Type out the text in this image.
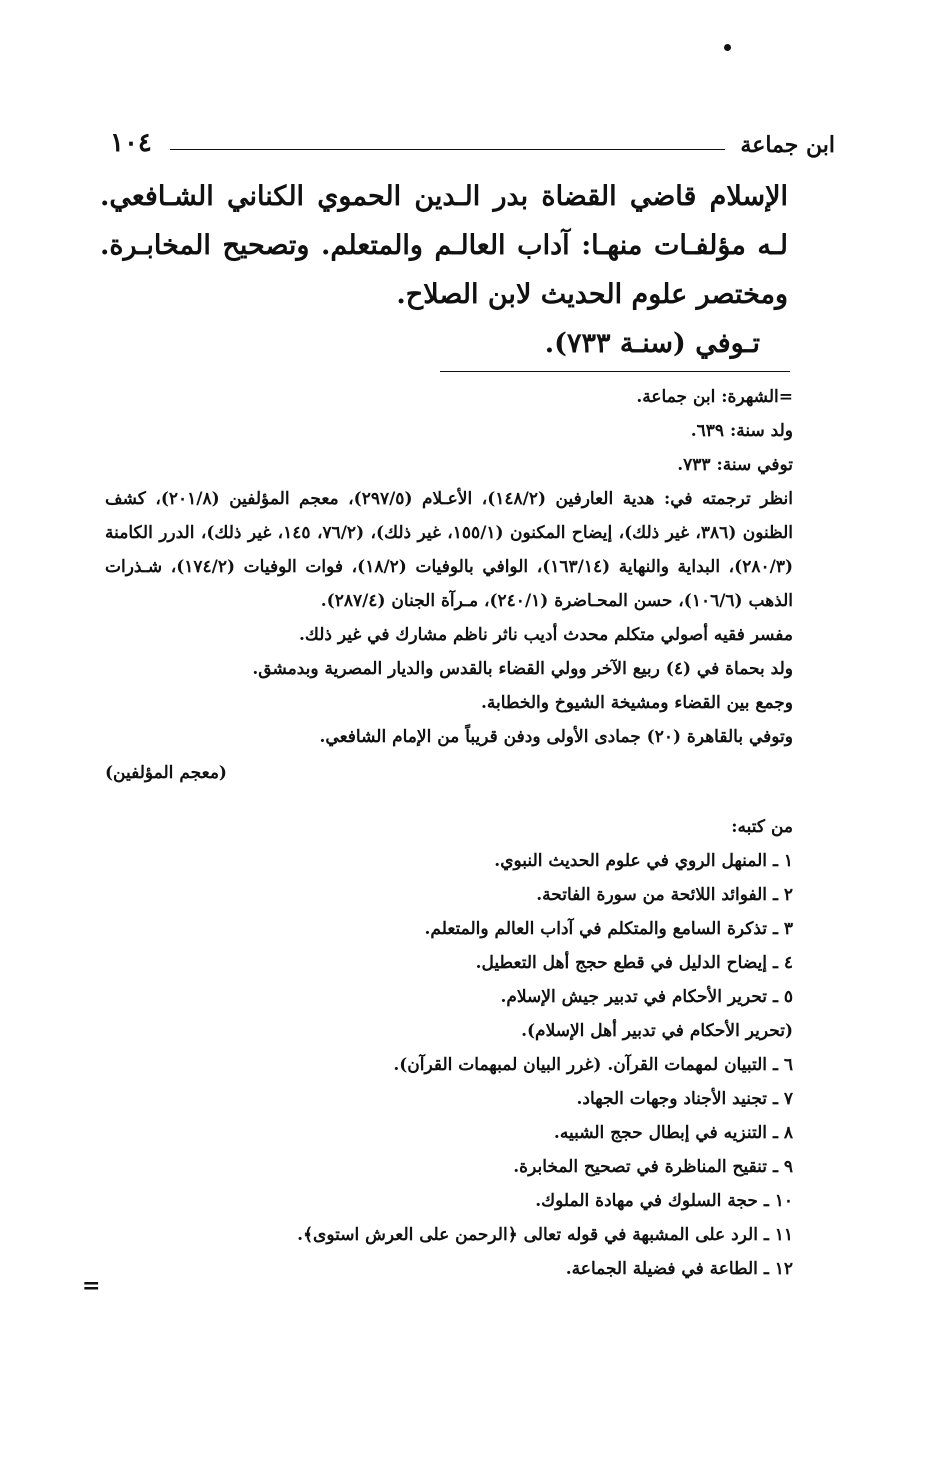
١٠٤	ابن جماعة

الإسلام قاضي القضاة بدر الـدين الحموي الكناني الشـافعي. لـه مؤلفـات منهـا: آداب العالـم والمتعلم. وتصحيح المخابـرة. ومختصر علوم الحديث لابن الصلاح.

تـوفي (سنـة ٧٣٣).

=الشهرة: ابن جماعة.

ولد سنة: ٦٣٩.

توفي سنة: ٧٣٣.

انظر ترجمته في: هدية العارفين (١٤٨/٢)، الأعـلام (٢٩٧/٥)، معجم المؤلفين (٢٠١/٨)، كشف الظنون (٣٨٦، غير ذلك)، إيضاح المكنون (١٥٥/١، غير ذلك)، (٧٦/٢، ١٤٥، غير ذلك)، الدرر الكامنة (٢٨٠/٣)، البداية والنهاية (١٦٣/١٤)، الوافي بالوفيات (١٨/٢)، فوات الوفيات (١٧٤/٢)، شـذرات الذهب (١٠٦/٦)، حسن المحـاضرة (٢٤٠/١)، مـرآة الجنان (٢٨٧/٤).

مفسر فقيه أصولي متكلم محدث أديب ناثر ناظم مشارك في غير ذلك.

ولد بحماة في (٤) ربيع الآخر وولي القضاء بالقدس والديار المصرية وبدمشق.

وجمع بين القضاء ومشيخة الشيوخ والخطابة.

وتوفي بالقاهرة (٢٠) جمادى الأولى ودفن قريباً من الإمام الشافعي.

(معجم المؤلفين)

من كتبه:

١ ـ المنهل الروي في علوم الحديث النبوي.

٢ ـ الفوائد اللائحة من سورة الفاتحة.

٣ ـ تذكرة السامع والمتكلم في آداب العالم والمتعلم.

٤ ـ إيضاح الدليل في قطع حجج أهل التعطيل.

٥ ـ تحرير الأحكام في تدبير جيش الإسلام.

(تحرير الأحكام في تدبير أهل الإسلام).

٦ ـ التبيان لمهمات القرآن. (غرر البيان لمبهمات القرآن).

٧ ـ تجنيد الأجناد وجهات الجهاد.

٨ ـ التنزيه في إبطال حجج الشبيه.

٩ ـ تنقيح المناظرة في تصحيح المخابرة.

١٠ ـ حجة السلوك في مهادة الملوك.

١١ ـ الرد على المشبهة في قوله تعالى ﴿الرحمن على العرش استوى﴾.

١٢ ـ الطاعة في فضيلة الجماعة.

=
